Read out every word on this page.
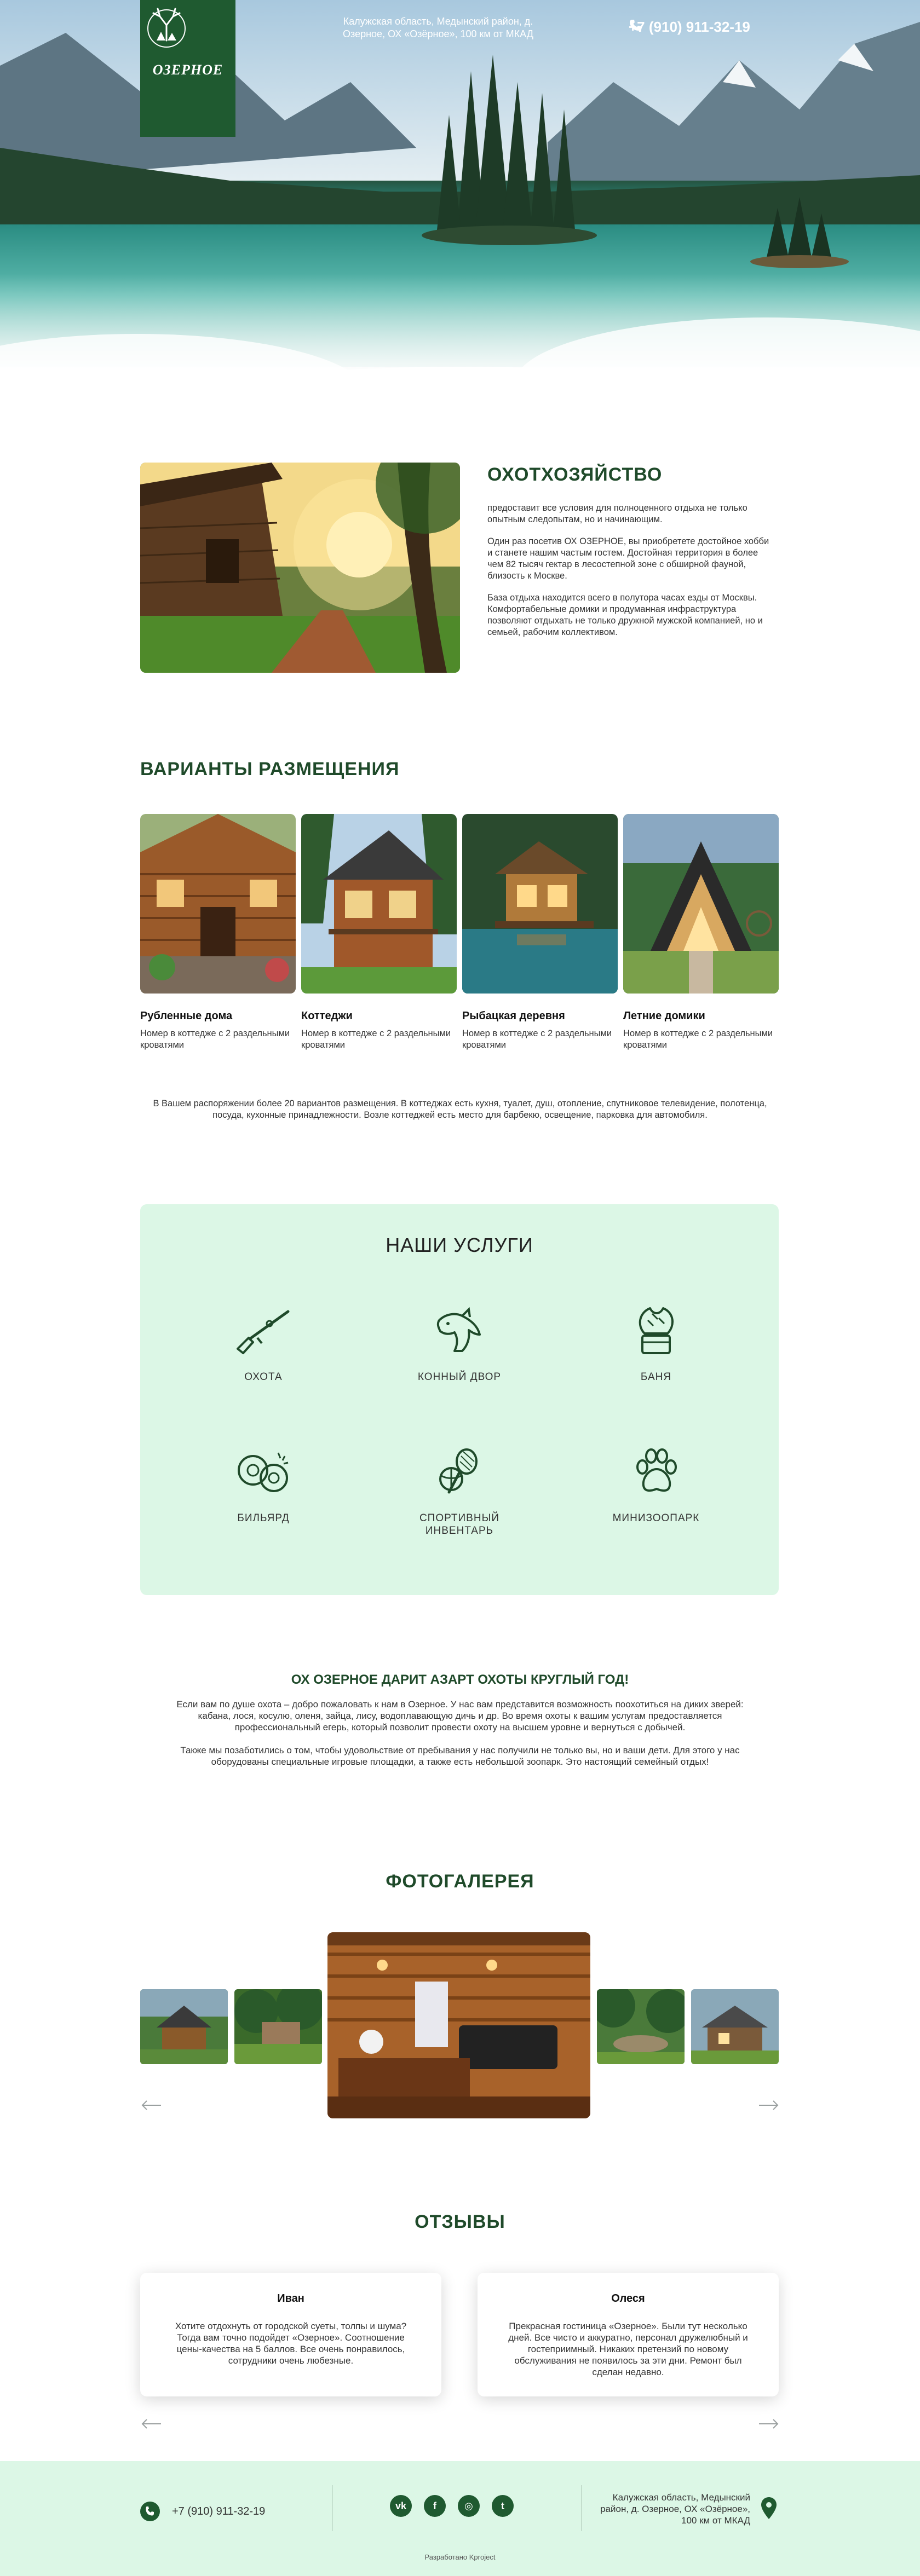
ОЗЕРНОЕ
Калужская область, Медынский район, д. Озерное, ОХ «Озёрное», 100 км от МКАД	+7 (910) 911-32-19
ОХОТХОЗЯЙСТВО

предоставит все условия для полноценного отдыха не только опытным следопытам, но и начинающим.

Один раз посетив ОХ ОЗЕРНОЕ, вы приобретете достойное хобби и станете нашим частым гостем. Достойная территория в более чем 82 тысяч гектар в лесостепной зоне с обширной фауной, близость к Москве.

База отдыха находится всего в полутора часах езды от Москвы. Комфортабельные домики и продуманная инфраструктура позволяют отдыхать не только дружной мужской компанией, но и семьей, рабочим коллективом.

ВАРИАНТЫ РАЗМЕЩЕНИЯ
Рубленные дома
Номер в коттедже с 2 раздельными кроватями
Коттеджи
Номер в коттедже с 2 раздельными кроватями
Рыбацкая деревня
Номер в коттедже с 2 раздельными кроватями
Летние домики
Номер в коттедже с 2 раздельными кроватями
В Вашем распоряжении более 20 вариантов размещения. В коттеджах есть кухня, туалет, душ, отопление, спутниковое телевидение, полотенца, посуда, кухонные принадлежности. Возле коттеджей есть место для барбекю, освещение, парковка для автомобиля.
НАШИ УСЛУГИ
ОХОТА	КОННЫЙ ДВОР	БАНЯ
БИЛЬЯРД	СПОРТИВНЫЙ ИНВЕНТАРЬ
МИНИЗООПАРК
ОХ ОЗЕРНОЕ ДАРИТ АЗАРТ ОХОТЫ КРУГЛЫЙ ГОД!

Если вам по душе охота – добро пожаловать к нам в Озерное. У нас вам представится возможность поохотиться на диких зверей: кабана, лося, косулю, оленя, зайца, лису, водоплавающую дичь и др. Во время охоты к вашим услугам предоставляется профессиональный егерь, который позволит провести охоту на высшем уровне и вернуться с добычей.

Также мы позаботились о том, чтобы удовольствие от пребывания у нас получили не только вы, но и ваши дети. Для этого у нас оборудованы специальные игровые площадки, а также есть небольшой зоопарк. Это настоящий семейный отдых!

ФОТОГАЛЕРЕЯ
ОТЗЫВЫ
Иван
Хотите отдохнуть от городской суеты, толпы и шума? Тогда вам точно подойдет «Озерное». Соотношение цены-качества на 5 баллов. Все очень понравилось, сотрудники очень любезные.
Олеся
Прекрасная гостиница «Озерное». Были тут несколько дней. Все чисто и аккуратно, персонал дружелюбный и гостеприимный. Никаких претензий по новому обслуживания не появилось за эти дни. Ремонт был сделан недавно.
+7 (910) 911-32-19	vk	f	◎	t
Калужская область, Медынский район, д. Озерное, ОХ «Озёрное», 100 км от МКАД
Разработано Kproject
